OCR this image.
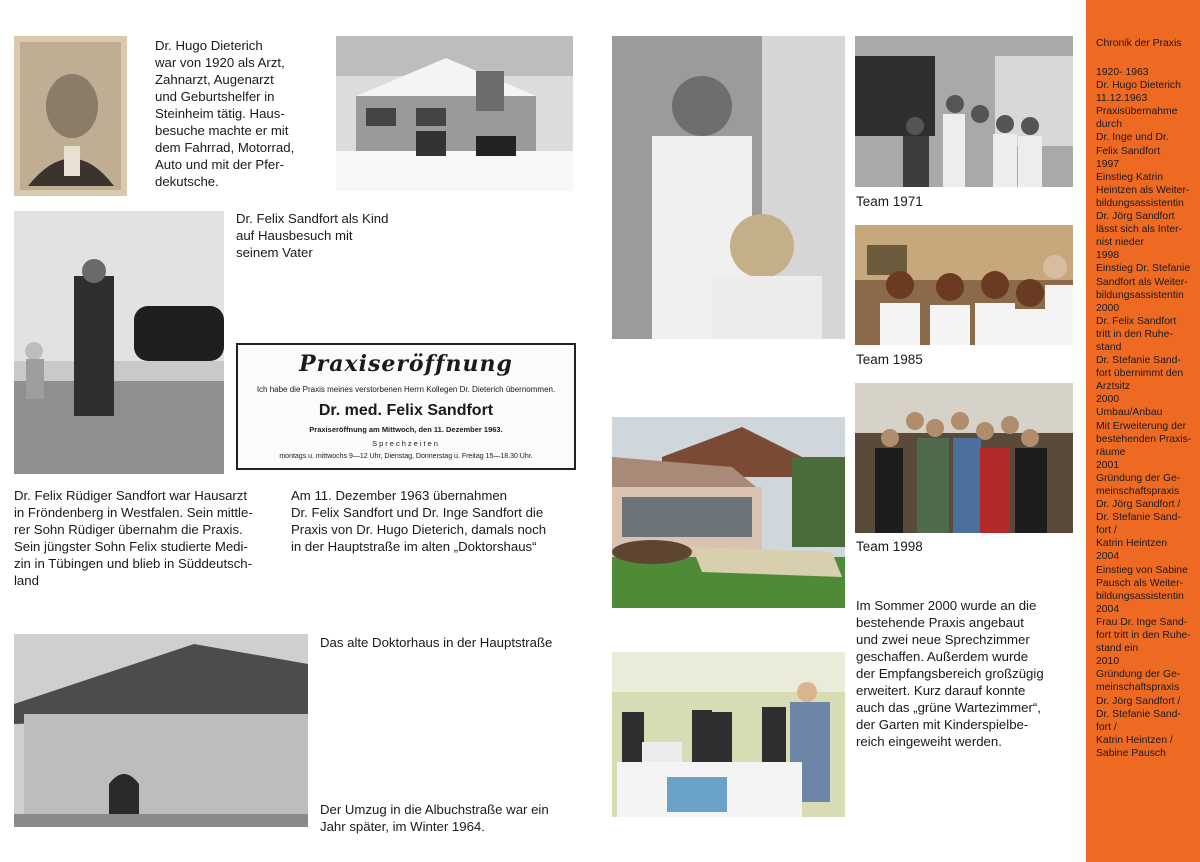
Praxiseröffnung
Ich habe die Praxis meines verstorbenen Herrn Kollegen Dr. Dieterich übernommen.
Dr. med. Felix Sandfort
Praxiseröffnung am Mittwoch, den 11. Dezember 1963.
Sprechzeiten
montags u. mittwochs 9—12 Uhr, Dienstag, Donnerstag u. Freitag 15—18.30 Uhr.

Dr. Hugo Dieterich
war von 1920 als Arzt,
Zahnarzt, Augenarzt
und Geburtshelfer in
Steinheim tätig. Haus-
besuche machte er mit
dem Fahrrad, Motorrad,
Auto und mit der Pfer-
dekutsche.

Dr. Felix Sandfort als Kind
auf Hausbesuch mit
seinem Vater

Dr. Felix Rüdiger Sandfort war Hausarzt
in Fröndenberg in Westfalen. Sein mittle-
rer Sohn Rüdiger übernahm die Praxis.
Sein jüngster Sohn Felix studierte Medi-
zin in Tübingen und blieb in Süddeutsch-
land

Am 11. Dezember 1963 übernahmen
Dr. Felix Sandfort und Dr. Inge Sandfort die
Praxis von Dr. Hugo Dieterich, damals noch
in der Hauptstraße im alten „Doktorshaus“

Das alte Doktorhaus in der Hauptstraße

Der Umzug in die Albuchstraße war ein
Jahr später, im Winter 1964.

Im Sommer 2000 wurde an die
bestehende Praxis angebaut
und zwei neue Sprechzimmer
geschaffen. Außerdem wurde
der Empfangsbereich großzügig
erweitert. Kurz darauf konnte
auch das „grüne Wartezimmer“,
der Garten mit Kinderspielbe-
reich eingeweiht werden.

Team 1971

Team 1985

Team 1998

Chronik der Praxis
1920- 1963
Dr. Hugo Dieterich
11.12.1963
Praxisübernahme
durch
Dr. Inge und Dr.
Felix Sandfort
1997
Einstieg Katrin
Heintzen als Weiter-
bildungsassistentin
Dr. Jörg Sandfort
lässt sich als Inter-
nist nieder
1998
Einstieg Dr. Stefanie
Sandfort als Weiter-
bildungsassistentin
2000
Dr. Felix Sandfort
tritt in den Ruhe-
stand
Dr. Stefanie Sand-
fort übernimmt den
Arztsitz
2000
Umbau/Anbau
Mit Erweiterung der
bestehenden Praxis-
räume
2001
Gründung der Ge-
meinschaftspraxis
Dr. Jörg Sandfort /
Dr. Stefanie Sand-
fort /
Katrin Heintzen
2004
Einstieg von Sabine
Pausch als Weiter-
bildungsassistentin
2004
Frau Dr. Inge Sand-
fort tritt in den Ruhe-
stand ein
2010
Gründung der Ge-
meinschaftspraxis
Dr. Jörg Sandfort /
Dr. Stefanie Sand-
fort /
Katrin Heintzen /
Sabine Pausch
